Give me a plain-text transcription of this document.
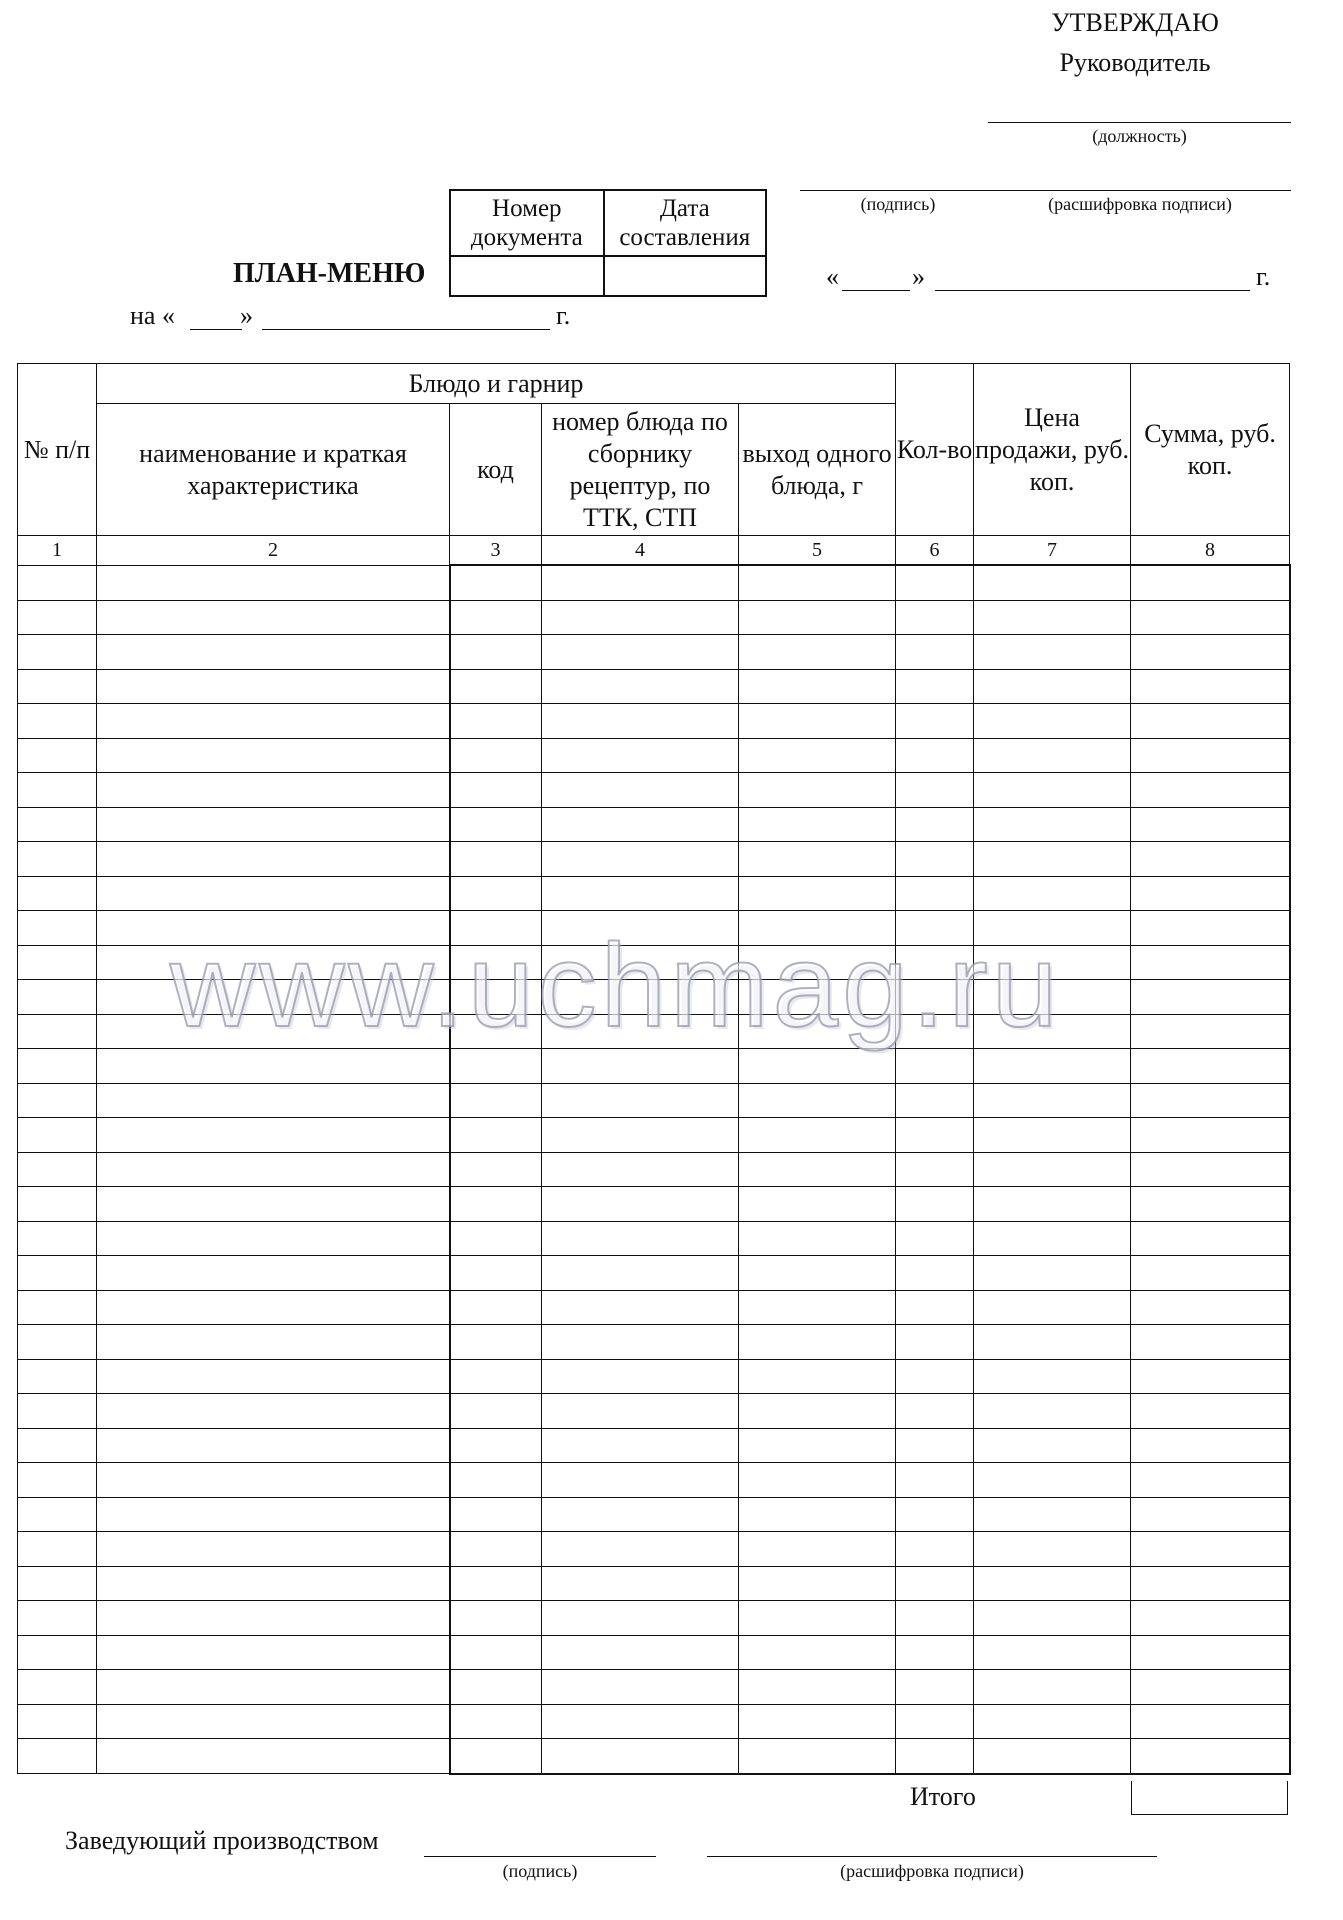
УТВЕРЖДАЮ
Руководитель
(должность)
(подпись)	(расшифровка подписи)
«	»	г.
ПЛАН-МЕНЮ
Номер документа	Дата составления

на «	»	г.
№ п/п	Блюдо и гарнир				Кол-во	Цена продажи, руб. коп.	Сумма, руб. коп.
	наименование и краткая характеристика	код	номер блюда по сборнику рецептур, по ТТК, СТП	выход одного блюда, г			
1	2	3	4	5	6	7	8

Итого
Заведующий производством
(подпись)	(расшифровка подписи)
www.uchmag.ru
